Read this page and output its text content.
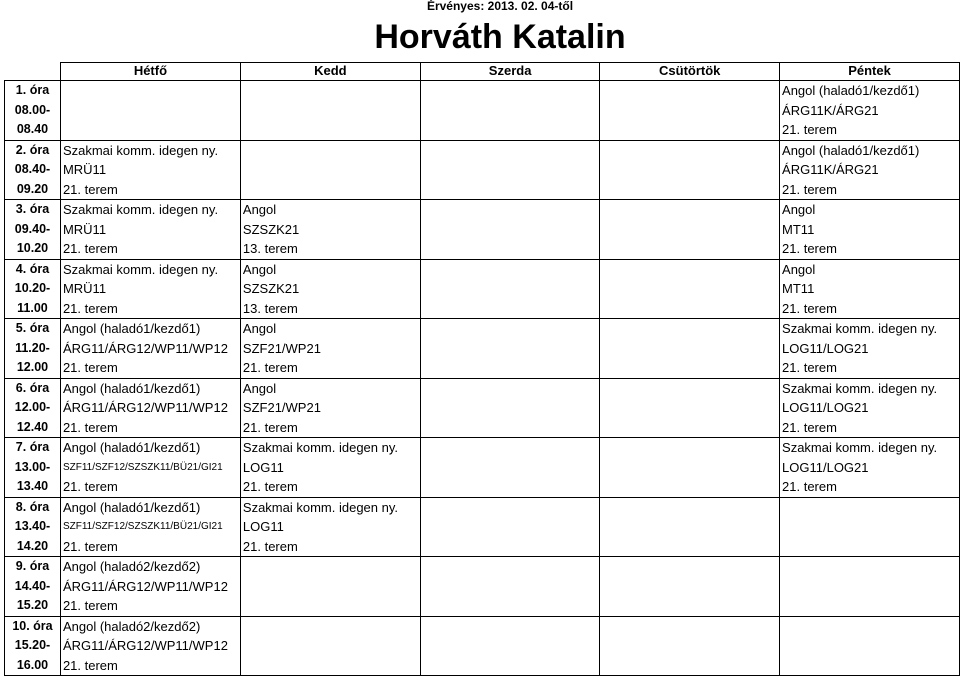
Érvényes: 2013. 02. 04-től
Horváth Katalin
	Hétfő	Kedd	Szerda	Csütörtök	Péntek

1. óra
08.00-
08.40					Angol (haladó1/kezdő1)
ÁRG11K/ÁRG21
21. terem

2. óra
08.40-
09.20	Szakmai komm. idegen ny.
MRÜ11
21. terem				Angol (haladó1/kezdő1)
ÁRG11K/ÁRG21
21. terem

3. óra
09.40-
10.20	Szakmai komm. idegen ny.
MRÜ11
21. terem	Angol
SZSZK21
13. terem			Angol
MT11
21. terem

4. óra
10.20-
11.00	Szakmai komm. idegen ny.
MRÜ11
21. terem	Angol
SZSZK21
13. terem			Angol
MT11
21. terem

5. óra
11.20-
12.00	Angol (haladó1/kezdő1)
ÁRG11/ÁRG12/WP11/WP12
21. terem	Angol
SZF21/WP21
21. terem			Szakmai komm. idegen ny.
LOG11/LOG21
21. terem

6. óra
12.00-
12.40	Angol (haladó1/kezdő1)
ÁRG11/ÁRG12/WP11/WP12
21. terem	Angol
SZF21/WP21
21. terem			Szakmai komm. idegen ny.
LOG11/LOG21
21. terem

7. óra
13.00-
13.40	Angol (haladó1/kezdő1)
SZF11/SZF12/SZSZK11/BÜ21/GI21
21. terem	Szakmai komm. idegen ny.
LOG11
21. terem			Szakmai komm. idegen ny.
LOG11/LOG21
21. terem

8. óra
13.40-
14.20	Angol (haladó1/kezdő1)
SZF11/SZF12/SZSZK11/BÜ21/GI21
21. terem	Szakmai komm. idegen ny.
LOG11
21. terem			

9. óra
14.40-
15.20	Angol (haladó2/kezdő2)
ÁRG11/ÁRG12/WP11/WP12
21. terem				

10. óra
15.20-
16.00	Angol (haladó2/kezdő2)
ÁRG11/ÁRG12/WP11/WP12
21. terem				
